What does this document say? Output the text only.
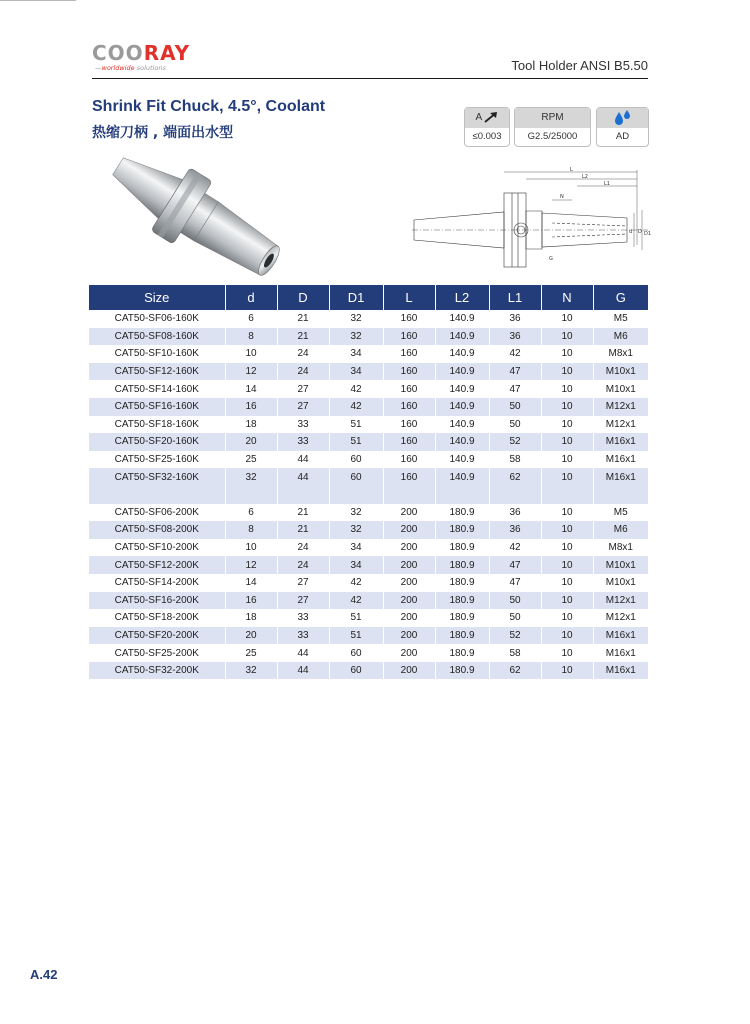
COORAY
—worldwide solutions	Tool Holder ANSI B5.50
Shrink Fit Chuck, 4.5°, Coolant
热缩刀柄 , 端面出水型
A
≤0.003
RPM
G2.5/25000	AD
L
L2
L1
N
G
d D D1
Size	d	D	D1	L	L2	L1	N	G
CAT50-SF06-160K	6	21	32	160	140.9	36	10	M5
CAT50-SF08-160K	8	21	32	160	140.9	36	10	M6
CAT50-SF10-160K	10	24	34	160	140.9	42	10	M8x1
CAT50-SF12-160K	12	24	34	160	140.9	47	10	M10x1
CAT50-SF14-160K	14	27	42	160	140.9	47	10	M10x1
CAT50-SF16-160K	16	27	42	160	140.9	50	10	M12x1
CAT50-SF18-160K	18	33	51	160	140.9	50	10	M12x1
CAT50-SF20-160K	20	33	51	160	140.9	52	10	M16x1
CAT50-SF25-160K	25	44	60	160	140.9	58	10	M16x1
CAT50-SF32-160K	32	44	60	160	140.9	62	10	M16x1

CAT50-SF06-200K	6	21	32	200	180.9	36	10	M5
CAT50-SF08-200K	8	21	32	200	180.9	36	10	M6
CAT50-SF10-200K	10	24	34	200	180.9	42	10	M8x1
CAT50-SF12-200K	12	24	34	200	180.9	47	10	M10x1
CAT50-SF14-200K	14	27	42	200	180.9	47	10	M10x1
CAT50-SF16-200K	16	27	42	200	180.9	50	10	M12x1
CAT50-SF18-200K	18	33	51	200	180.9	50	10	M12x1
CAT50-SF20-200K	20	33	51	200	180.9	52	10	M16x1
CAT50-SF25-200K	25	44	60	200	180.9	58	10	M16x1
CAT50-SF32-200K	32	44	60	200	180.9	62	10	M16x1
A.42
